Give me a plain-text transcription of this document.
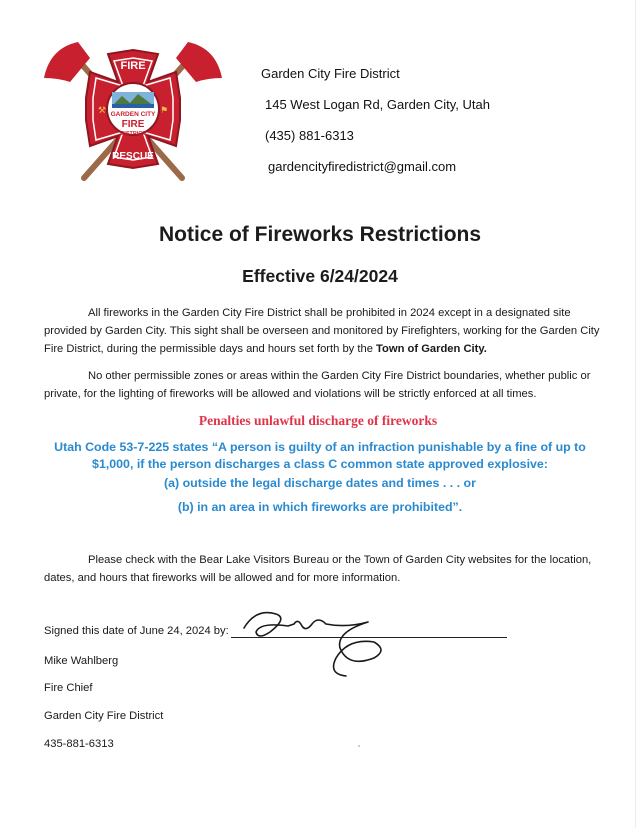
FIRE
GARDEN CITY
FIRE
DISTRICT
RESCUE
⚒	⚑
Garden City Fire District
145 West Logan Rd, Garden City, Utah
(435) 881-6313
gardencityfiredistrict@gmail.com
Notice of Fireworks Restrictions
Effective 6/24/2024
All fireworks in the Garden City Fire District shall be prohibited in 2024 except in a designated site provided by Garden City. This sight shall be overseen and monitored by Firefighters, working for the Garden City Fire District, during the permissible days and hours set forth by the Town of Garden City.
No other permissible zones or areas within the Garden City Fire District boundaries, whether public or private, for the lighting of fireworks will be allowed and violations will be strictly enforced at all times.
Penalties unlawful discharge of fireworks
Utah Code 53-7-225 states “A person is guilty of an infraction punishable by a fine of up to $1,000, if the person discharges a class C common state approved explosive:
(a) outside the legal discharge dates and times . . . or
(b) in an area in which fireworks are prohibited”.
Please check with the Bear Lake Visitors Bureau or the Town of Garden City websites for the location, dates, and hours that fireworks will be allowed and for more information.
Signed this date of June 24, 2024 by:
Mike Wahlberg
Fire Chief
Garden City Fire District
435-881-6313
